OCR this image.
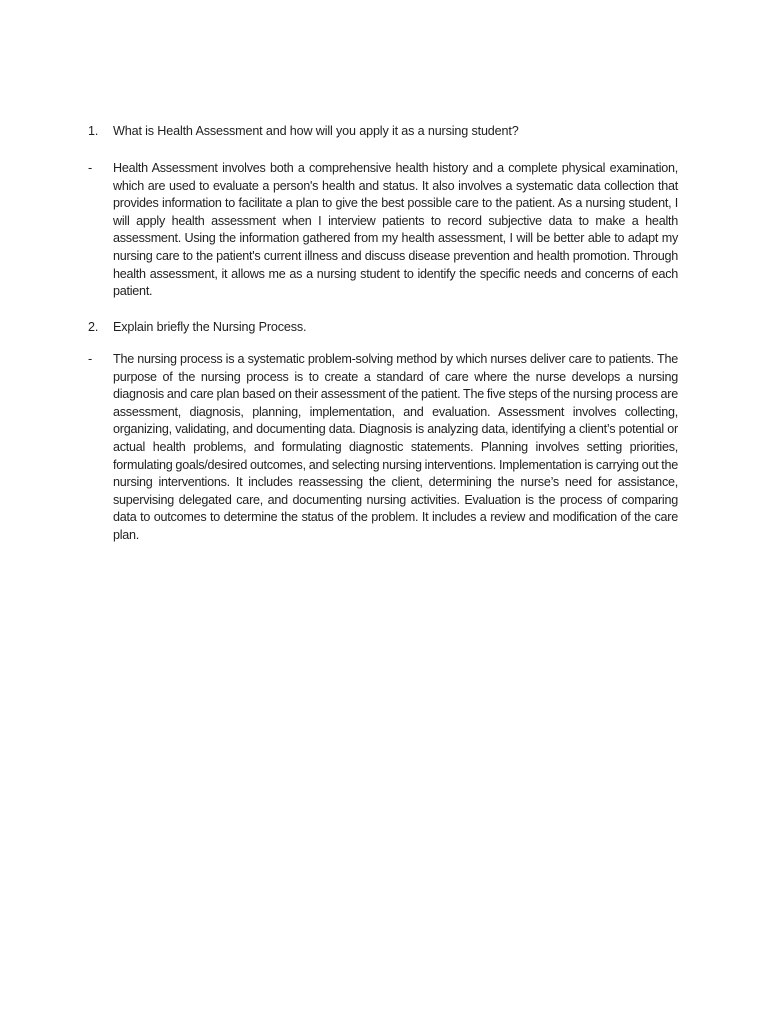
1.	What is Health Assessment and how will you apply it as a nursing student?
-	Health Assessment involves both a comprehensive health history and a complete physical examination, which are used to evaluate a person's health and status. It also involves a systematic data collection that provides information to facilitate a plan to give the best possible care to the patient. As a nursing student, I will apply health assessment when I interview patients to record subjective data to make a health assessment. Using the information gathered from my health assessment, I will be better able to adapt my nursing care to the patient's current illness and discuss disease prevention and health promotion. Through health assessment, it allows me as a nursing student to identify the specific needs and concerns of each patient.

2.	Explain briefly the Nursing Process.
-	The nursing process is a systematic problem-solving method by which nurses deliver care to patients. The purpose of the nursing process is to create a standard of care where the nurse develops a nursing diagnosis and care plan based on their assessment of the patient. The five steps of the nursing process are assessment, diagnosis, planning, implementation, and evaluation. Assessment involves collecting, organizing, validating, and documenting data. Diagnosis is analyzing data, identifying a client’s potential or actual health problems, and formulating diagnostic statements. Planning involves setting priorities, formulating goals/desired outcomes, and selecting nursing interventions. Implementation is carrying out the nursing interventions. It includes reassessing the client, determining the nurse’s need for assistance, supervising delegated care, and documenting nursing activities. Evaluation is the process of comparing data to outcomes to determine the status of the problem. It includes a review and modification of the care plan.
